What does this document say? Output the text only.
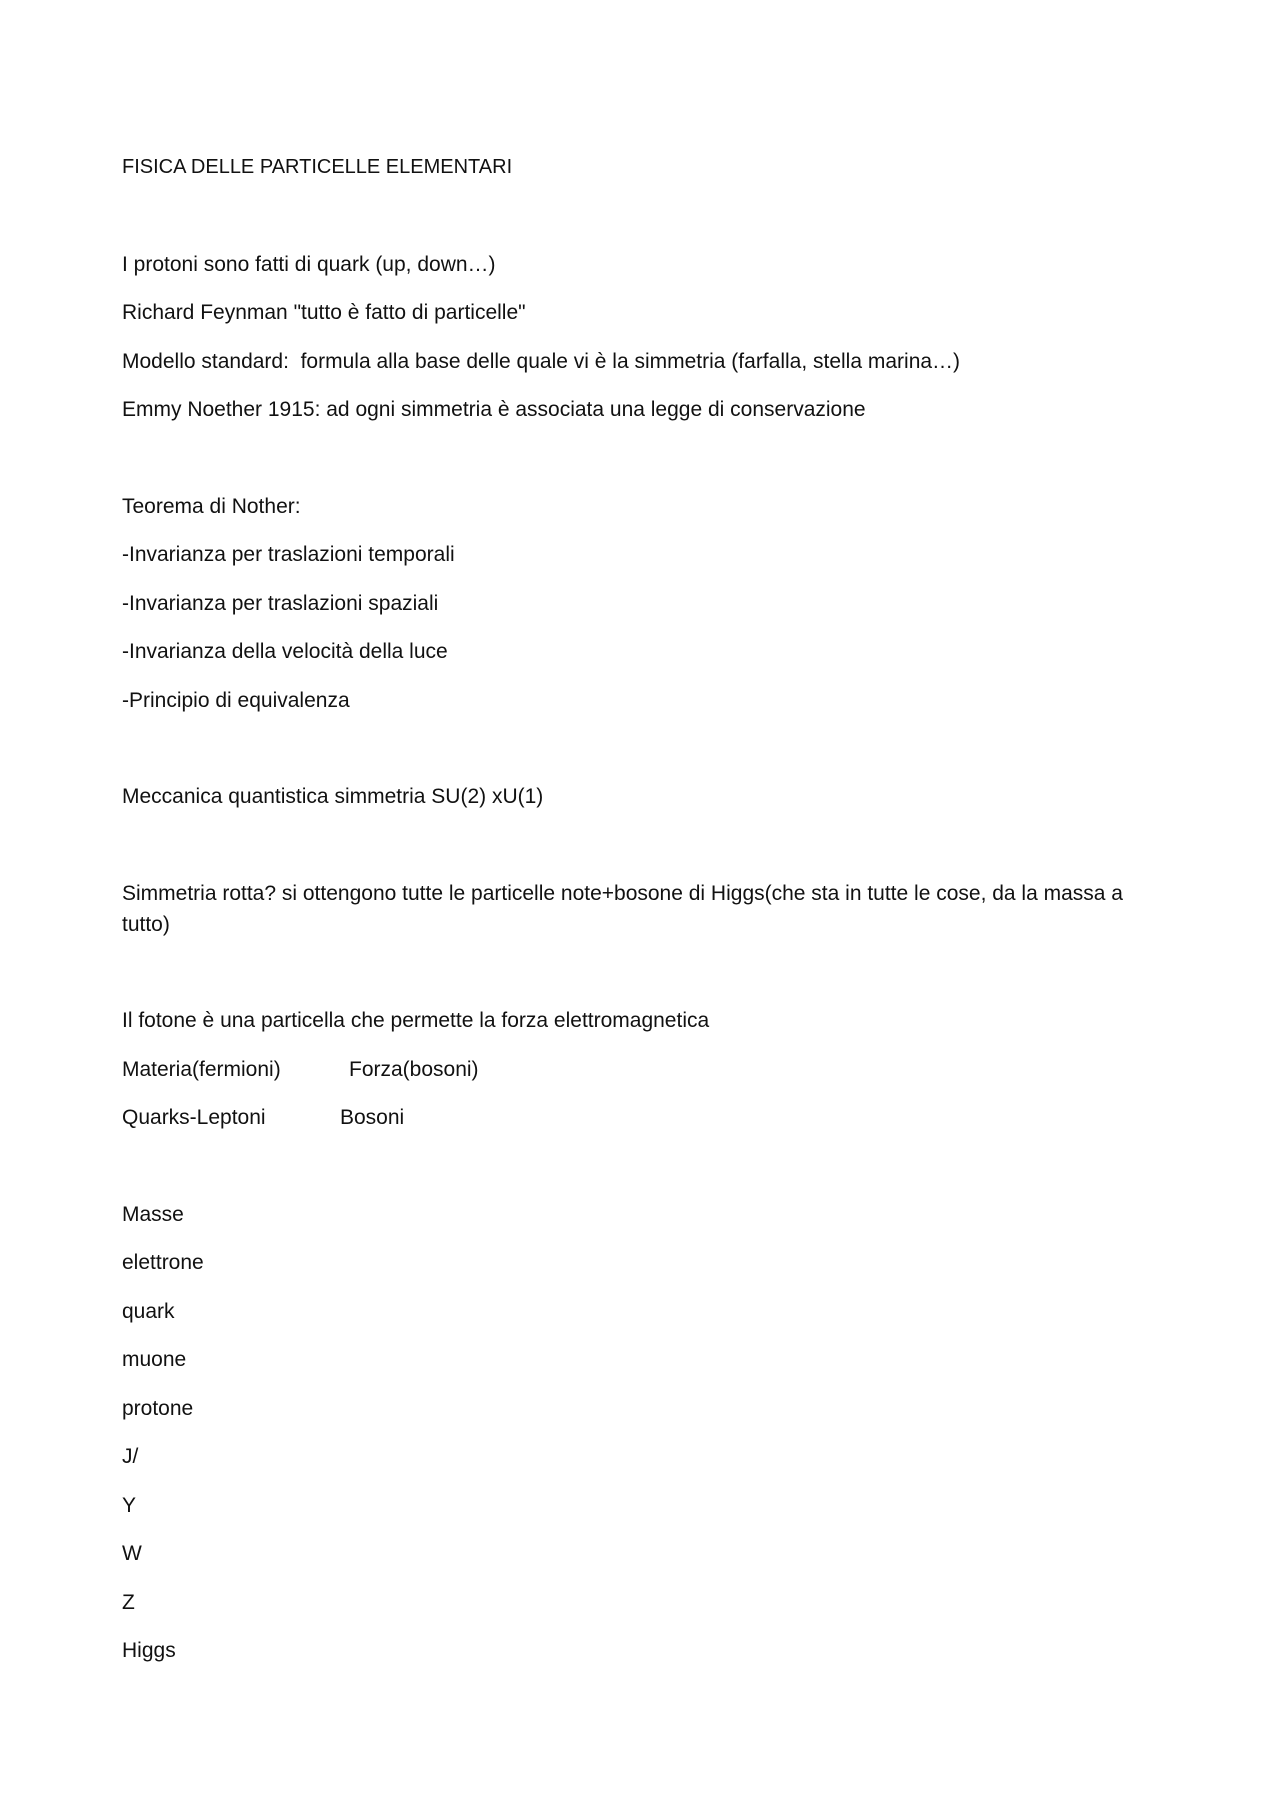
FISICA DELLE PARTICELLE ELEMENTARI
I protoni sono fatti di quark (up, down…)
Richard Feynman "tutto è fatto di particelle"
Modello standard:  formula alla base delle quale vi è la simmetria (farfalla, stella marina…)
Emmy Noether 1915: ad ogni simmetria è associata una legge di conservazione
Teorema di Nother:
-Invarianza per traslazioni temporali
-Invarianza per traslazioni spaziali
-Invarianza della velocità della luce
-Principio di equivalenza
Meccanica quantistica simmetria SU(2) xU(1)
Simmetria rotta? si ottengono tutte le particelle note+bosone di Higgs(che sta in tutte le cose, da la massa a tutto)
Il fotone è una particella che permette la forza elettromagnetica
Materia(fermioni)	Forza(bosoni)
Quarks-Leptoni	Bosoni
Masse
elettrone
quark
muone
protone
J/
Y
W
Z
Higgs
